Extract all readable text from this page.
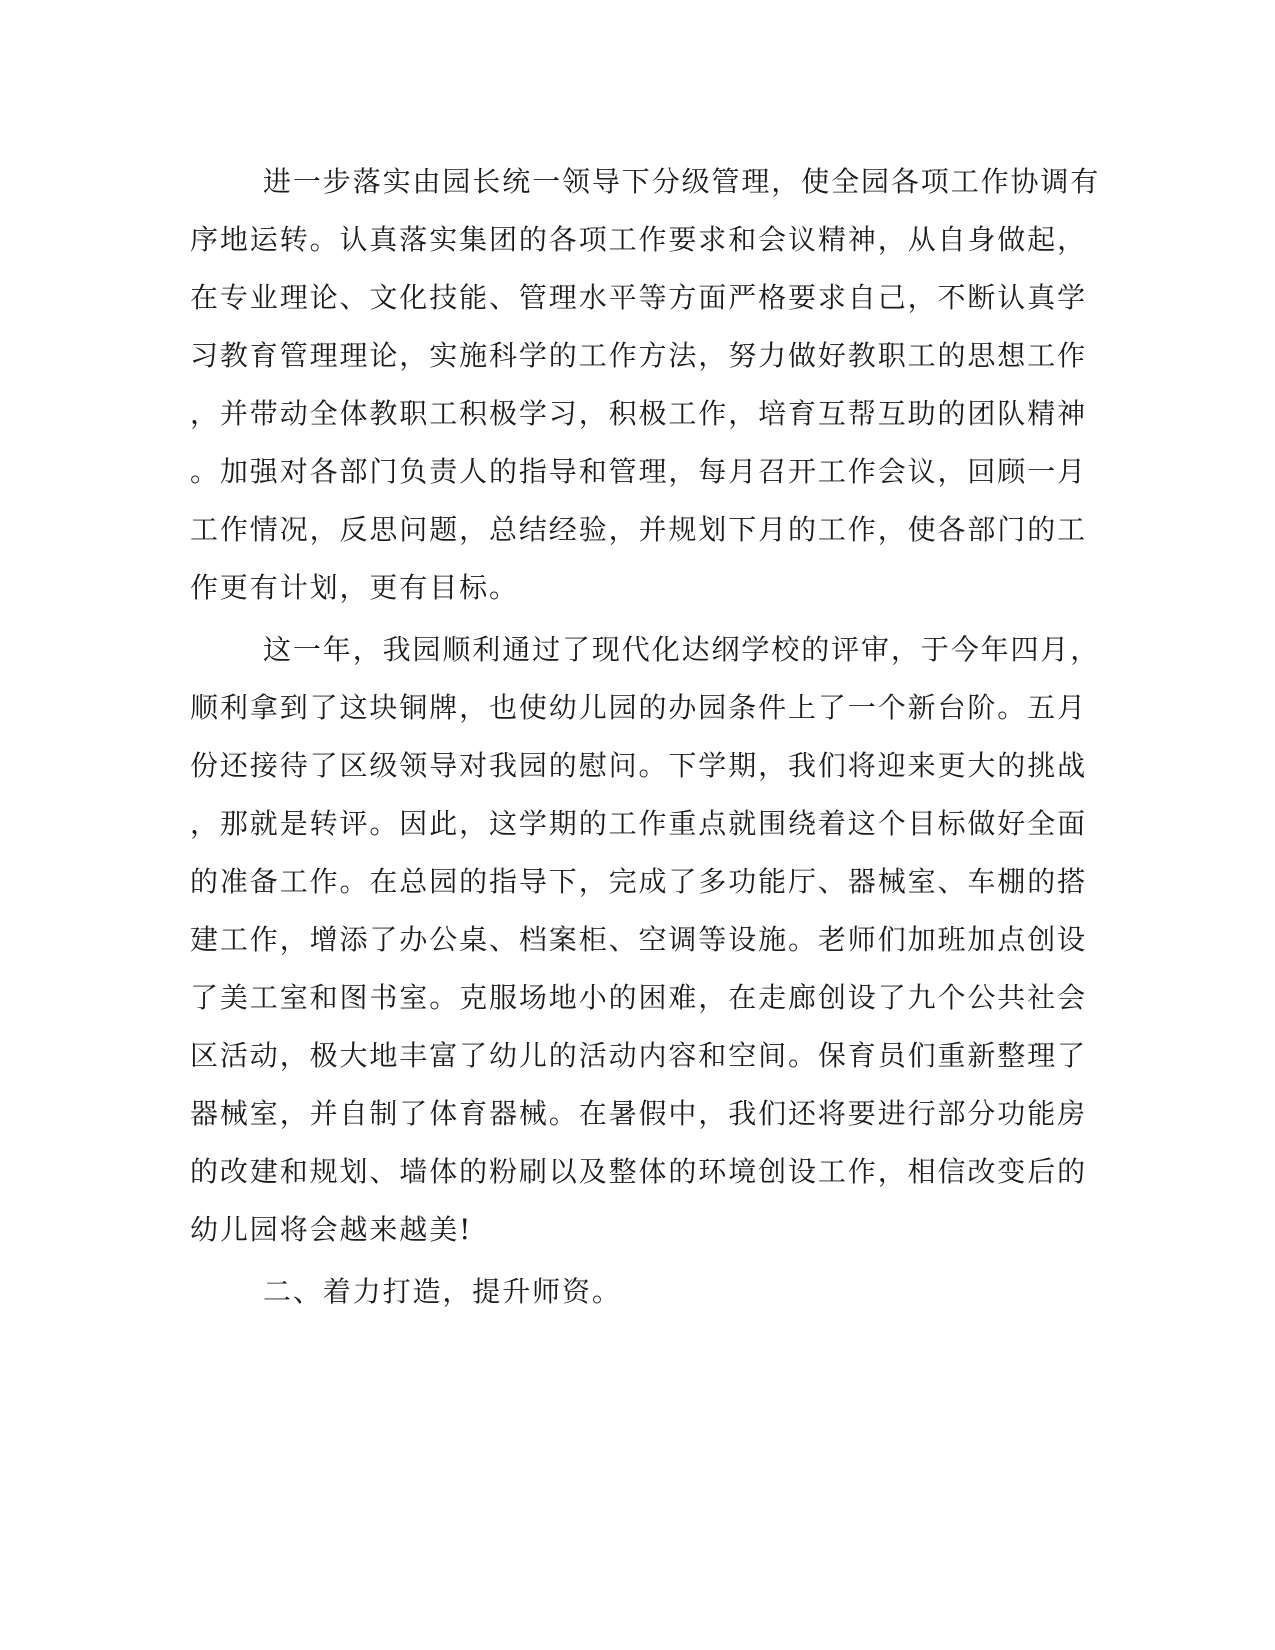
进一步落实由园长统一领导下分级管理，使全园各项工作协调有
序地运转。认真落实集团的各项工作要求和会议精神，从自身做起，
在专业理论、文化技能、管理水平等方面严格要求自己，不断认真学
习教育管理理论，实施科学的工作方法，努力做好教职工的思想工作
，并带动全体教职工积极学习，积极工作，培育互帮互助的团队精神
。加强对各部门负责人的指导和管理，每月召开工作会议，回顾一月
工作情况，反思问题，总结经验，并规划下月的工作，使各部门的工
作更有计划，更有目标。
这一年，我园顺利通过了现代化达纲学校的评审，于今年四月，
顺利拿到了这块铜牌，也使幼儿园的办园条件上了一个新台阶。五月
份还接待了区级领导对我园的慰问。下学期，我们将迎来更大的挑战
，那就是转评。因此，这学期的工作重点就围绕着这个目标做好全面
的准备工作。在总园的指导下，完成了多功能厅、器械室、车棚的搭
建工作，增添了办公桌、档案柜、空调等设施。老师们加班加点创设
了美工室和图书室。克服场地小的困难，在走廊创设了九个公共社会
区活动，极大地丰富了幼儿的活动内容和空间。保育员们重新整理了
器械室，并自制了体育器械。在暑假中，我们还将要进行部分功能房
的改建和规划、墙体的粉刷以及整体的环境创设工作，相信改变后的
幼儿园将会越来越美!
二、着力打造，提升师资。
